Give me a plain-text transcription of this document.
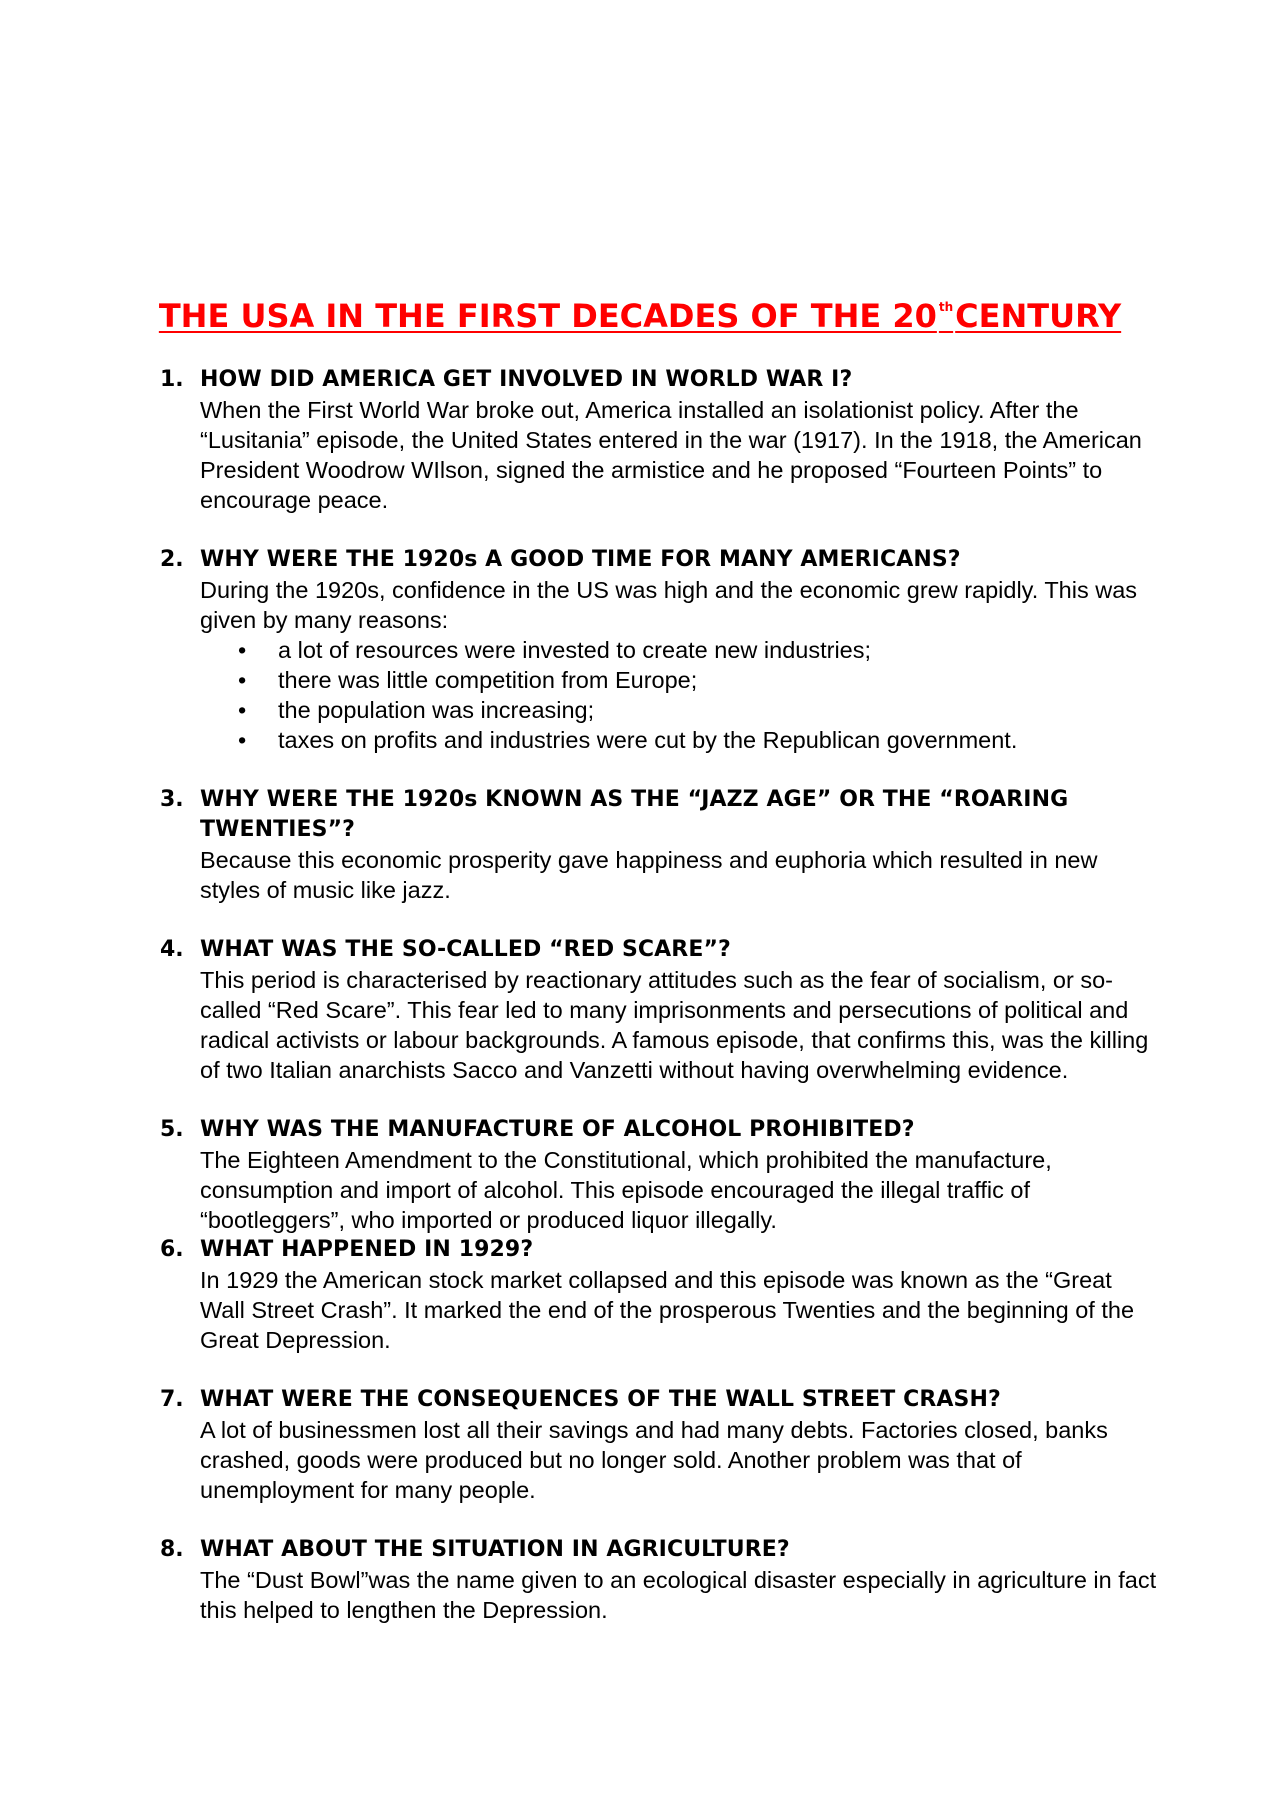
THE USA IN THE FIRST DECADES OF THE 20 $^{th}$CENTURY
1. HOW DID AMERICA GET INVOLVED IN WORLD WAR I?
When the First World War broke out, America installed an isolationist policy. After the “Lusitania” episode, the United States entered in the war (1917). In the 1918, the American President Woodrow WIlson, signed the armistice and he proposed “Fourteen Points” to encourage peace.
2. WHY WERE THE 1920s A GOOD TIME FOR MANY AMERICANS?
During the 1920s, confidence in the US was high and the economic grew rapidly. This was given by many reasons:
• a lot of resources were invested to create new industries;
• there was little competition from Europe;
• the population was increasing;
• taxes on profits and industries were cut by the Republican government.
3. WHY WERE THE 1920s KNOWN AS THE “JAZZ AGE” OR THE “ROARING TWENTIES”?
Because this economic prosperity gave happiness and euphoria which resulted in new styles of music like jazz.
4. WHAT WAS THE SO-CALLED “RED SCARE”?
This period is characterised by reactionary attitudes such as the fear of socialism, or so-called “Red Scare”. This fear led to many imprisonments and persecutions of political and radical activists or labour backgrounds. A famous episode, that confirms this, was the killing of two Italian anarchists Sacco and Vanzetti without having overwhelming evidence.
5. WHY WAS THE MANUFACTURE OF ALCOHOL PROHIBITED?
The Eighteen Amendment to the Constitutional, which prohibited the manufacture, consumption and import of alcohol. This episode encouraged the illegal traffic of “bootleggers”, who imported or produced liquor illegally.
6. WHAT HAPPENED IN 1929?
In 1929 the American stock market collapsed and this episode was known as the “Great Wall Street Crash”. It marked the end of the prosperous Twenties and the beginning of the Great Depression.
7. WHAT WERE THE CONSEQUENCES OF THE WALL STREET CRASH?
A lot of businessmen lost all their savings and had many debts. Factories closed, banks crashed, goods were produced but no longer sold. Another problem was that of unemployment for many people.
8. WHAT ABOUT THE SITUATION IN AGRICULTURE?
The “Dust Bowl”was the name given to an ecological disaster especially in agriculture in fact this helped to lengthen the Depression.
